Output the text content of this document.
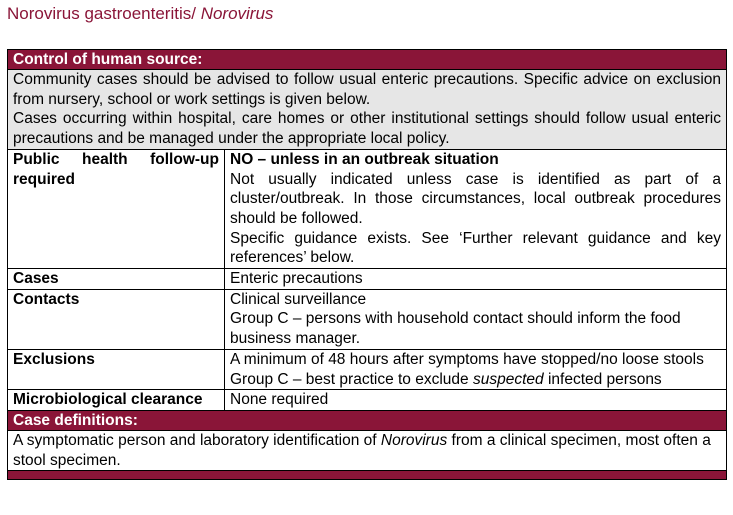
Norovirus gastroenteritis/ Norovirus
Control of human source:	

Community cases should be advised to follow usual enteric precautions. Specific advice on exclusion from nursery, school or work settings is given below.
Cases occurring within hospital, care homes or other institutional settings should follow usual enteric precautions and be managed under the appropriate local policy.	

Public health follow-up required	NO – unless in an outbreak situation
Not usually indicated unless case is identified as part of a cluster/outbreak. In those circumstances, local outbreak procedures should be followed.
Specific guidance exists. See ‘Further relevant guidance and key references’ below.

Cases	Enteric precautions
Contacts	Clinical surveillance
Group C – persons with household contact should inform the food business manager.

Exclusions	A minimum of 48 hours after symptoms have stopped/no loose stools
Group C – best practice to exclude suspected infected persons

Microbiological clearance	None required
Case definitions:	
A symptomatic person and laboratory identification of Norovirus from a clinical specimen, most often a stool specimen.	
